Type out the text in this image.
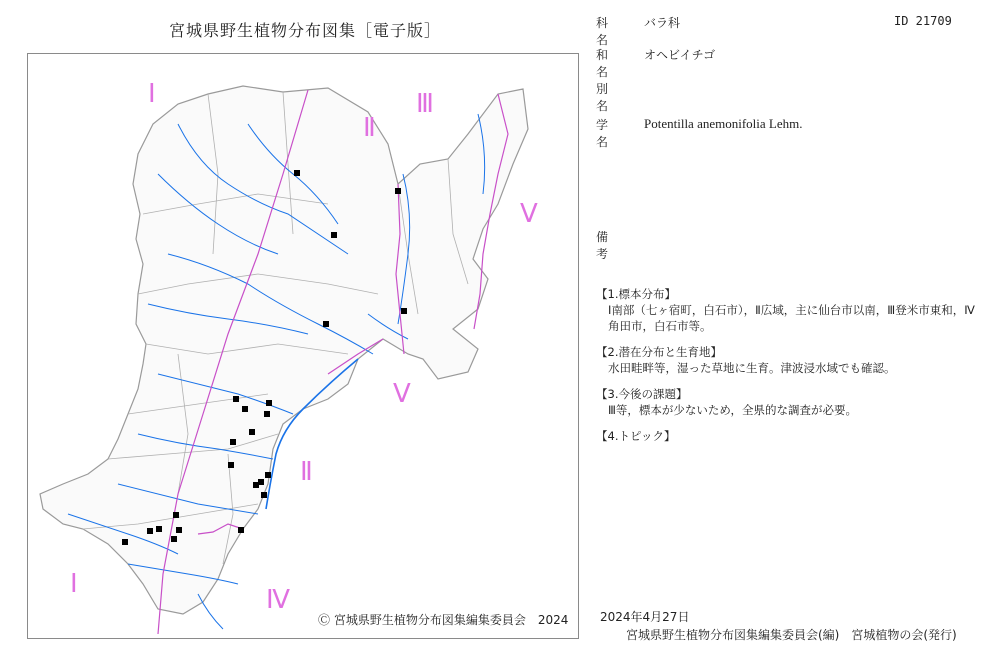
宮城県野生植物分布図集［電子版］
Ⅰ
Ⅱ
Ⅲ
Ⅴ
Ⅴ
Ⅱ
Ⅰ
Ⅳ
Ⓒ 宮城県野生植物分布図集編集委員会　2024
科　名
バラ科	ID 21709
和　名
オヘビイチゴ
別　名
学　名
Potentilla anemonifolia Lehm.
備　考
【1.標本分布】
Ⅰ南部（七ヶ宿町，白石市），Ⅱ広域，主に仙台市以南，Ⅲ登米市東和，Ⅳ角田市，白石市等。
【2.潜在分布と生育地】
水田畦畔等，湿った草地に生育。津波浸水域でも確認。
【3.今後の課題】
Ⅲ等，標本が少ないため，全県的な調査が必要。
【4.トピック】
2024年4月27日
宮城県野生植物分布図集編集委員会(編)　宮城植物の会(発行)
